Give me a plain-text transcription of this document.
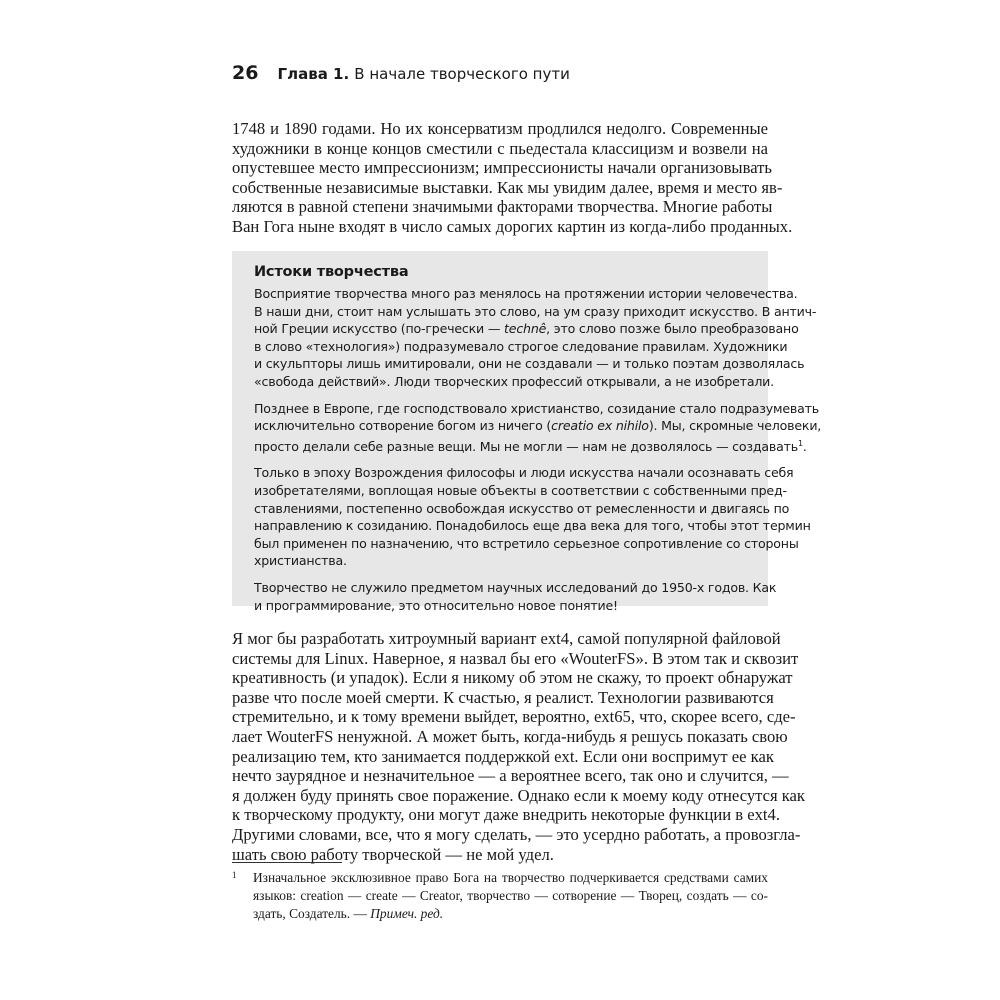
26 Глава 1. В начале творческого пути
1748 и 1890 годами. Но их консерватизм продлился недолго. Современные
художники в конце концов сместили с пьедестала классицизм и возвели на
опустевшее место импрессионизм; импрессионисты начали организовывать
собственные независимые выставки. Как мы увидим далее, время и место яв-
ляются в равной степени значимыми факторами творчества. Многие работы
Ван Гога ныне входят в число самых дорогих картин из когда-либо проданных.
Истоки творчества
Восприятие творчества много раз менялось на протяжении истории человечества.
В наши дни, стоит нам услышать это слово, на ум сразу приходит искусство. В антич-
ной Греции искусство (по-гречески — technê, это слово позже было преобразовано
в слово «технология») подразумевало строгое следование правилам. Художники
и скульпторы лишь имитировали, они не создавали — и только поэтам дозволялась
«свобода действий». Люди творческих профессий открывали, а не изобретали.
Позднее в Европе, где господствовало христианство, созидание стало подразумевать
исключительно сотворение богом из ничего (creatio ex nihilo). Мы, скромные человеки,
просто делали себе разные вещи. Мы не могли — нам не дозволялось — создавать$^1$.
Только в эпоху Возрождения философы и люди искусства начали осознавать себя
изобретателями, воплощая новые объекты в соответствии с собственными пред-
ставлениями, постепенно освобождая искусство от ремесленности и двигаясь по
направлению к созиданию. Понадобилось еще два века для того, чтобы этот термин
был применен по назначению, что встретило серьезное сопротивление со стороны
христианства.
Творчество не служило предметом научных исследований до 1950-х годов. Как
и программирование, это относительно новое понятие!
Я мог бы разработать хитроумный вариант ext4, самой популярной файловой
системы для Linux. Наверное, я назвал бы его «WouterFS». В этом так и сквозит
креативность (и упадок). Если я никому об этом не скажу, то проект обнаружат
разве что после моей смерти. К счастью, я реалист. Технологии развиваются
стремительно, и к тому времени выйдет, вероятно, ext65, что, скорее всего, сде-
лает WouterFS ненужной. А может быть, когда-нибудь я решусь показать свою
реализацию тем, кто занимается поддержкой ext. Если они воспримут ее как
нечто заурядное и незначительное — а вероятнее всего, так оно и случится, —
я должен буду принять свое поражение. Однако если к моему коду отнесутся как
к творческому продукту, они могут даже внедрить некоторые функции в ext4.
Другими словами, все, что я могу сделать, — это усердно работать, а провозгла-
шать свою работу творческой — не мой удел.
1 Изначальное эксклюзивное право Бога на творчество подчеркивается средствами самих
языков: creation — create — Creator, творчество — сотворение — Творец, создать — со-
здать, Создатель. — Примеч. ред.
